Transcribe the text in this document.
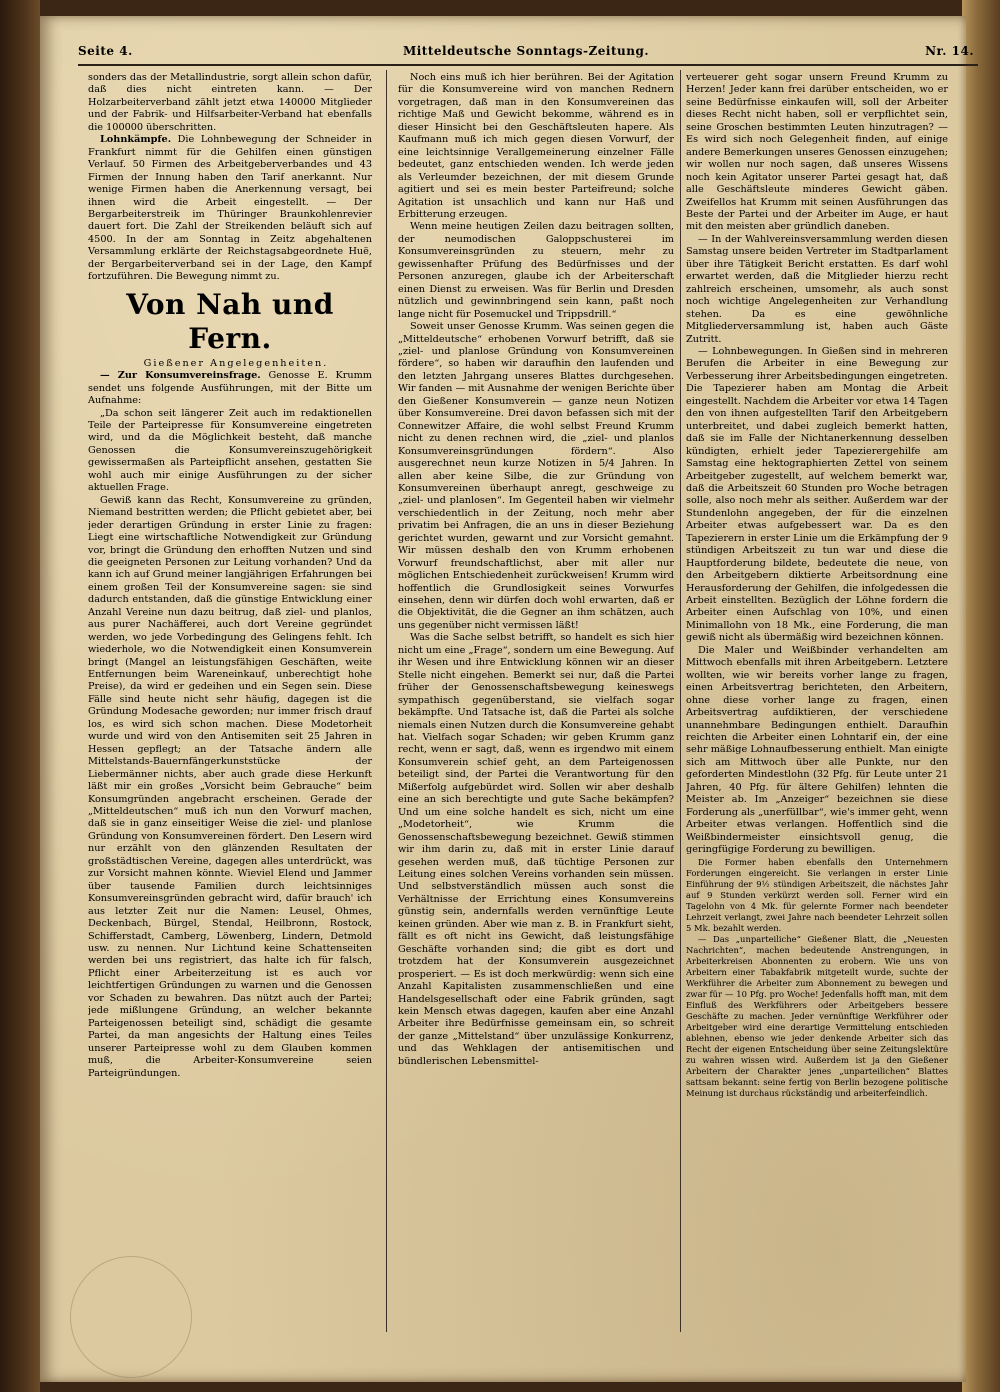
Seite 4.	Mitteldeutsche Sonntags-Zeitung.	Nr. 14.

sonders das der Metallindustrie, sorgt allein schon dafür, daß dies nicht eintreten kann. — Der Holzarbeiterverband zählt jetzt etwa 140000 Mitglieder und der Fabrik- und Hilfsarbeiter-Verband hat ebenfalls die 100000 überschritten.

Lohnkämpfe. Die Lohnbewegung der Schneider in Frankfurt nimmt für die Gehilfen einen günstigen Verlauf. 50 Firmen des Arbeitgeberverbandes und 43 Firmen der Innung haben den Tarif anerkannt. Nur wenige Firmen haben die Anerkennung versagt, bei ihnen wird die Arbeit eingestellt. — Der Bergarbeiterstreik im Thüringer Braunkohlenrevier dauert fort. Die Zahl der Streikenden beläuft sich auf 4500. In der am Sonntag in Zeitz abgehaltenen Versammlung erklärte der Reichstagsabgeordnete Huë, der Bergarbeiterverband sei in der Lage, den Kampf fortzuführen. Die Bewegung nimmt zu.

Von Nah und Fern.

Gießener Angelegenheiten.

— Zur Konsumvereinsfrage. Genosse E. Krumm sendet uns folgende Ausführungen, mit der Bitte um Aufnahme:

„Da schon seit längerer Zeit auch im redaktionellen Teile der Parteipresse für Konsumvereine eingetreten wird, und da die Möglichkeit besteht, daß manche Genossen die Konsumvereinszugehörigkeit gewissermaßen als Parteipflicht ansehen, gestatten Sie wohl auch mir einige Ausführungen zu der sicher aktuellen Frage.

Gewiß kann das Recht, Konsumvereine zu gründen, Niemand bestritten werden; die Pflicht gebietet aber, bei jeder derartigen Gründung in erster Linie zu fragen: Liegt eine wirtschaftliche Notwendigkeit zur Gründung vor, bringt die Gründung den erhofften Nutzen und sind die geeigneten Personen zur Leitung vorhanden? Und da kann ich auf Grund meiner langjährigen Erfahrungen bei einem großen Teil der Konsumvereine sagen: sie sind dadurch entstanden, daß die günstige Entwicklung einer Anzahl Vereine nun dazu beitrug, daß ziel- und planlos, aus purer Nachäfferei, auch dort Vereine gegründet werden, wo jede Vorbedingung des Gelingens fehlt. Ich wiederhole, wo die Notwendigkeit einen Konsumverein bringt (Mangel an leistungsfähigen Geschäften, weite Entfernungen beim Wareneinkauf, unberechtigt hohe Preise), da wird er gedeihen und ein Segen sein. Diese Fälle sind heute nicht sehr häufig, dagegen ist die Gründung Modesache geworden; nur immer frisch drauf los, es wird sich schon machen. Diese Modetorheit wurde und wird von den Antisemiten seit 25 Jahren in Hessen gepflegt; an der Tatsache ändern alle Mittelstands-Bauernfängerkunststücke der Liebermänner nichts, aber auch grade diese Herkunft läßt mir ein großes „Vorsicht beim Gebrauche“ beim Konsumgründen angebracht erscheinen. Gerade der „Mitteldeutschen“ muß ich nun den Vorwurf machen, daß sie in ganz einseitiger Weise die ziel- und planlose Gründung von Konsumvereinen fördert. Den Lesern wird nur erzählt von den glänzenden Resultaten der großstädtischen Vereine, dagegen alles unterdrückt, was zur Vorsicht mahnen könnte. Wieviel Elend und Jammer über tausende Familien durch leichtsinniges Konsumvereinsgründen gebracht wird, dafür brauch' ich aus letzter Zeit nur die Namen: Leusel, Ohmes, Deckenbach, Bürgel, Stendal, Heilbronn, Rostock, Schifferstadt, Camberg, Löwenberg, Lindern, Detmold usw. zu nennen. Nur Lichtund keine Schattenseiten werden bei uns registriert, das halte ich für falsch, Pflicht einer Arbeiterzeitung ist es auch vor leichtfertigen Gründungen zu warnen und die Genossen vor Schaden zu bewahren. Das nützt auch der Partei; jede mißlungene Gründung, an welcher bekannte Parteigenossen beteiligt sind, schädigt die gesamte Partei, da man angesichts der Haltung eines Teiles unserer Parteipresse wohl zu dem Glauben kommen muß, die Arbeiter-Konsumvereine seien Parteigründungen.

Noch eins muß ich hier berühren. Bei der Agitation für die Konsumvereine wird von manchen Rednern vorgetragen, daß man in den Konsumvereinen das richtige Maß und Gewicht bekomme, während es in dieser Hinsicht bei den Geschäftsleuten hapere. Als Kaufmann muß ich mich gegen diesen Vorwurf, der eine leichtsinnige Verallgemeinerung einzelner Fälle bedeutet, ganz entschieden wenden. Ich werde jeden als Verleumder bezeichnen, der mit diesem Grunde agitiert und sei es mein bester Parteifreund; solche Agitation ist unsachlich und kann nur Haß und Erbitterung erzeugen.

Wenn meine heutigen Zeilen dazu beitragen sollten, der neumodischen Galoppschusterei im Konsumvereinsgründen zu steuern, mehr zu gewissenhafter Prüfung des Bedürfnisses und der Personen anzuregen, glaube ich der Arbeiterschaft einen Dienst zu erweisen. Was für Berlin und Dresden nützlich und gewinnbringend sein kann, paßt noch lange nicht für Posemuckel und Trippsdrill.“

Soweit unser Genosse Krumm. Was seinen gegen die „Mitteldeutsche“ erhobenen Vorwurf betrifft, daß sie „ziel- und planlose Gründung von Konsumvereinen fördere“, so haben wir daraufhin den laufenden und den letzten Jahrgang unseres Blattes durchgesehen. Wir fanden — mit Ausnahme der wenigen Berichte über den Gießener Konsumverein — ganze neun Notizen über Konsumvereine. Drei davon befassen sich mit der Connewitzer Affaire, die wohl selbst Freund Krumm nicht zu denen rechnen wird, die „ziel- und planlos Konsumvereinsgründungen fördern“. Also ausgerechnet neun kurze Notizen in 5/4 Jahren. In allen aber keine Silbe, die zur Gründung von Konsumvereinen überhaupt anregt, geschweige zu „ziel- und planlosen“. Im Gegenteil haben wir vielmehr verschiedentlich in der Zeitung, noch mehr aber privatim bei Anfragen, die an uns in dieser Beziehung gerichtet wurden, gewarnt und zur Vorsicht gemahnt. Wir müssen deshalb den von Krumm erhobenen Vorwurf freundschaftlichst, aber mit aller nur möglichen Entschiedenheit zurückweisen! Krumm wird hoffentlich die Grundlosigkeit seines Vorwurfes einsehen, denn wir dürfen doch wohl erwarten, daß er die Objektivität, die die Gegner an ihm schätzen, auch uns gegenüber nicht vermissen läßt!

Was die Sache selbst betrifft, so handelt es sich hier nicht um eine „Frage“, sondern um eine Bewegung. Auf ihr Wesen und ihre Entwicklung können wir an dieser Stelle nicht eingehen. Bemerkt sei nur, daß die Partei früher der Genossenschaftsbewegung keineswegs sympathisch gegenüberstand, sie vielfach sogar bekämpfte. Und Tatsache ist, daß die Partei als solche niemals einen Nutzen durch die Konsumvereine gehabt hat. Vielfach sogar Schaden; wir geben Krumm ganz recht, wenn er sagt, daß, wenn es irgendwo mit einem Konsumverein schief geht, an dem Parteigenossen beteiligt sind, der Partei die Verantwortung für den Mißerfolg aufgebürdet wird. Sollen wir aber deshalb eine an sich berechtigte und gute Sache bekämpfen? Und um eine solche handelt es sich, nicht um eine „Modetorheit“, wie Krumm die Genossenschaftsbewegung bezeichnet. Gewiß stimmen wir ihm darin zu, daß mit in erster Linie darauf gesehen werden muß, daß tüchtige Personen zur Leitung eines solchen Vereins vorhanden sein müssen. Und selbstverständlich müssen auch sonst die Verhältnisse der Errichtung eines Konsumvereins günstig sein, andernfalls werden vernünftige Leute keinen gründen. Aber wie man z. B. in Frankfurt sieht, fällt es oft nicht ins Gewicht, daß leistungsfähige Geschäfte vorhanden sind; die gibt es dort und trotzdem hat der Konsumverein ausgezeichnet prosperiert. — Es ist doch merkwürdig: wenn sich eine Anzahl Kapitalisten zusammenschließen und eine Handelsgesellschaft oder eine Fabrik gründen, sagt kein Mensch etwas dagegen, kaufen aber eine Anzahl Arbeiter ihre Bedürfnisse gemeinsam ein, so schreit der ganze „Mittelstand“ über unzulässige Konkurrenz, und das Wehklagen der antisemitischen und bündlerischen Lebensmittel-

verteuerer geht sogar unsern Freund Krumm zu Herzen! Jeder kann frei darüber entscheiden, wo er seine Bedürfnisse einkaufen will, soll der Arbeiter dieses Recht nicht haben, soll er verpflichtet sein, seine Groschen bestimmten Leuten hinzutragen? — Es wird sich noch Gelegenheit finden, auf einige andere Bemerkungen unseres Genossen einzugehen; wir wollen nur noch sagen, daß unseres Wissens noch kein Agitator unserer Partei gesagt hat, daß alle Geschäftsleute minderes Gewicht gäben. Zweifellos hat Krumm mit seinen Ausführungen das Beste der Partei und der Arbeiter im Auge, er haut mit den meisten aber gründlich daneben.

— In der Wahlvereinsversammlung werden diesen Samstag unsere beiden Vertreter im Stadtparlament über ihre Tätigkeit Bericht erstatten. Es darf wohl erwartet werden, daß die Mitglieder hierzu recht zahlreich erscheinen, umsomehr, als auch sonst noch wichtige Angelegenheiten zur Verhandlung stehen. Da es eine gewöhnliche Mitgliederversammlung ist, haben auch Gäste Zutritt.

— Lohnbewegungen. In Gießen sind in mehreren Berufen die Arbeiter in eine Bewegung zur Verbesserung ihrer Arbeitsbedingungen eingetreten. Die Tapezierer haben am Montag die Arbeit eingestellt. Nachdem die Arbeiter vor etwa 14 Tagen den von ihnen aufgestellten Tarif den Arbeitgebern unterbreitet, und dabei zugleich bemerkt hatten, daß sie im Falle der Nichtanerkennung desselben kündigten, erhielt jeder Tapezierergehilfe am Samstag eine hektographierten Zettel von seinem Arbeitgeber zugestellt, auf welchem bemerkt war, daß die Arbeitszeit 60 Stunden pro Woche betragen solle, also noch mehr als seither. Außerdem war der Stundenlohn angegeben, der für die einzelnen Arbeiter etwas aufgebessert war. Da es den Tapezierern in erster Linie um die Erkämpfung der 9 stündigen Arbeitszeit zu tun war und diese die Hauptforderung bildete, bedeutete die neue, von den Arbeitgebern diktierte Arbeitsordnung eine Herausforderung der Gehilfen, die infolgedessen die Arbeit einstellten. Bezüglich der Löhne fordern die Arbeiter einen Aufschlag von 10%, und einen Minimallohn von 18 Mk., eine Forderung, die man gewiß nicht als übermäßig wird bezeichnen können.

Die Maler und Weißbinder verhandelten am Mittwoch ebenfalls mit ihren Arbeitgebern. Letztere wollten, wie wir bereits vorher lange zu fragen, einen Arbeitsvertrag berichteten, den Arbeitern, ohne diese vorher lange zu fragen, einen Arbeitsvertrag aufdiktieren, der verschiedene unannehmbare Bedingungen enthielt. Daraufhin reichten die Arbeiter einen Lohntarif ein, der eine sehr mäßige Lohnaufbesserung enthielt. Man einigte sich am Mittwoch über alle Punkte, nur den geforderten Mindestlohn (32 Pfg. für Leute unter 21 Jahren, 40 Pfg. für ältere Gehilfen) lehnten die Meister ab. Im „Anzeiger“ bezeichnen sie diese Forderung als „unerfüllbar“, wie's immer geht, wenn Arbeiter etwas verlangen. Hoffentlich sind die Weißbindermeister einsichtsvoll genug, die geringfügige Forderung zu bewilligen.

Die Former haben ebenfalls den Unternehmern Forderungen eingereicht. Sie verlangen in erster Linie Einführung der 9½ stündigen Arbeitszeit, die nächstes Jahr auf 9 Stunden verkürzt werden soll. Ferner wird ein Tagelohn von 4 Mk. für gelernte Former nach beendeter Lehrzeit verlangt, zwei Jahre nach beendeter Lehrzeit sollen 5 Mk. bezahlt werden.

— Das „unparteiliche“ Gießener Blatt, die „Neuesten Nachrichten“, machen bedeutende Anstrengungen, in Arbeiterkreisen Abonnenten zu erobern. Wie uns von Arbeitern einer Tabakfabrik mitgeteilt wurde, suchte der Werkführer die Arbeiter zum Abonnement zu bewegen und zwar für — 10 Pfg. pro Woche! Jedenfalls hofft man, mit dem Einfluß des Werkführers oder Arbeitgebers bessere Geschäfte zu machen. Jeder vernünftige Werkführer oder Arbeitgeber wird eine derartige Vermittelung entschieden ablehnen, ebenso wie jeder denkende Arbeiter sich das Recht der eigenen Entscheidung über seine Zeitungslektüre zu wahren wissen wird. Außerdem ist ja den Gießener Arbeitern der Charakter jenes „unparteilichen“ Blattes sattsam bekannt: seine fertig von Berlin bezogene politische Meinung ist durchaus rückständig und arbeiterfeindlich.
